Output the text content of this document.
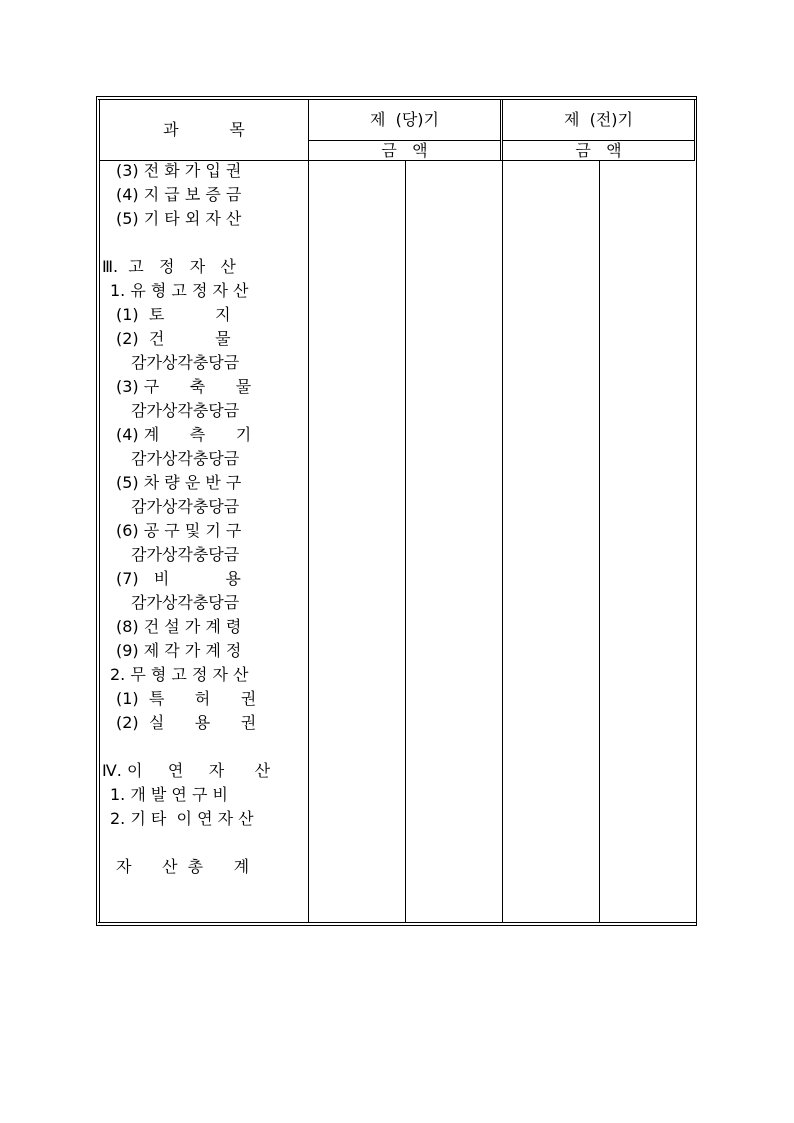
과          목
제  (당)기	제  (전)기
금   액	금   액
(3) 전 화 가 입 권
(4) 지 급 보 증 금
(5) 기 타 외 자 산
Ⅲ.  고   정   자   산
1. 유 형 고 정 자 산
(1)  토          지
(2)  건          물
감가상각충당금
(3) 구      축      물
감가상각충당금
(4) 계      측      기
감가상각충당금
(5) 차 량 운 반 구
감가상각충당금
(6) 공 구 및 기 구
감가상각충당금
(7)   비           용
감가상각충당금
(8) 건 설 가 계 령
(9) 제 각 가 계 정
2. 무 형 고 정 자 산
(1)  특      허      권
(2)  실      용      권
Ⅳ. 이     연     자      산
1. 개 발 연 구 비
2. 기 타  이 연 자 산
자      산  총      계
